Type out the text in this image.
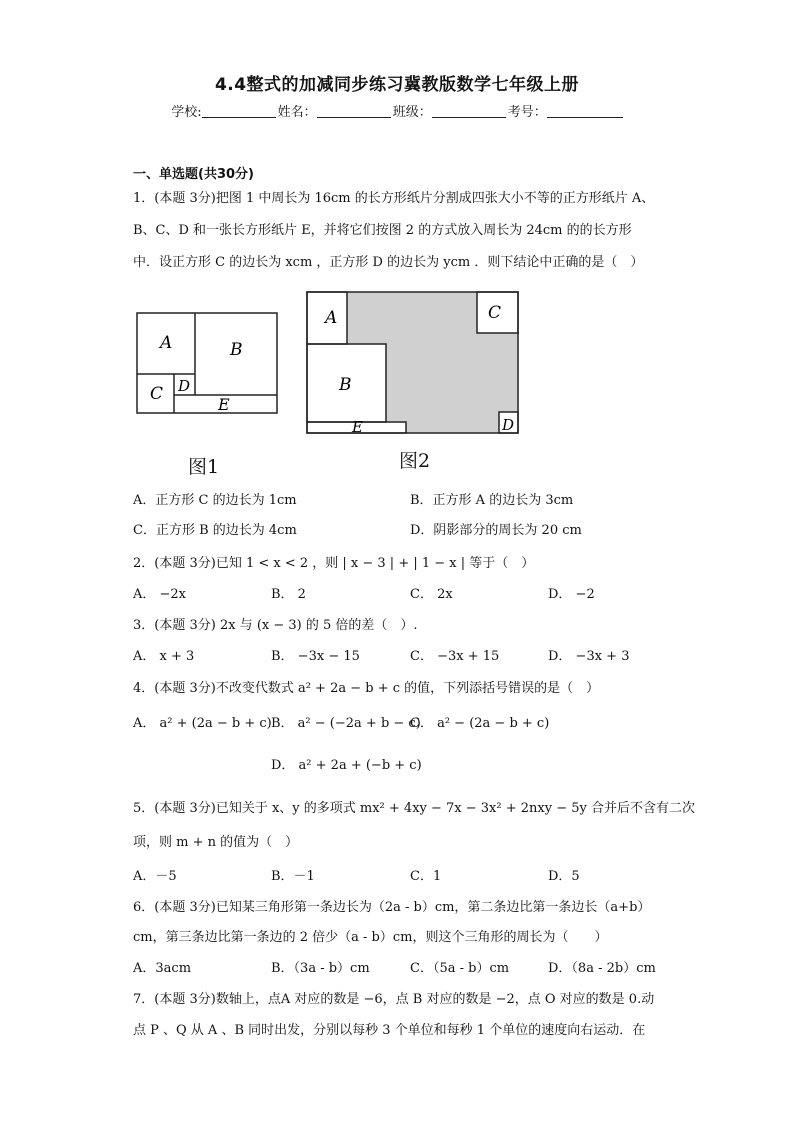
4.4整式的加减同步练习冀教版数学七年级上册
学校:	姓名：	班级：	考号：
一、单选题(共30分)
1．(本题 3分)把图 1 中周长为 16cm 的长方形纸片分割成四张大小不等的正方形纸片 A、
B、C、D 和一张长方形纸片 E，并将它们按图 2 的方式放入周长为 24cm 的的长方形
中．设正方形 C 的边长为 xcm ，正方形 D 的边长为 ycm ．则下结论中正确的是（　）
A	B
C D
E
图1
A
B
C
D
E
图2
A．正方形 C 的边长为 1cm	B．正方形 A 的边长为 3cm
C．正方形 B 的边长为 4cm	D．阴影部分的周长为 20 cm
2．(本题 3分)已知 1 < x < 2 ，则 | x − 3 | + | 1 − x | 等于（　）
A． −2x	B． 2	C． 2x	D． −2
3．(本题 3分) 2x 与 (x − 3) 的 5 倍的差（　）.
A． x + 3	B． −3x − 15	C． −3x + 15	D． −3x + 3
4．(本题 3分)不改变代数式 a² + 2a − b + c 的值，下列添括号错误的是（　）
A． a² + (2a − b + c) B． a² − (−2a + b − c)
C． a² − (2a − b + c)
D． a² + 2a + (−b + c)
5．(本题 3分)已知关于 x、y 的多项式 mx² + 4xy − 7x − 3x² + 2nxy − 5y 合并后不含有二次
项，则 m + n 的值为（　）
A．－5	B．－1	C．1	D．5
6．(本题 3分)已知某三角形第一条边长为（2a - b）cm，第二条边比第一条边长（a+b）
cm，第三条边比第一条边的 2 倍少（a - b）cm，则这个三角形的周长为（　　）
A．3acm	B．（3a - b）cm	C．（5a - b）cm	D．（8a - 2b）cm
7．(本题 3分)数轴上，点A 对应的数是 −6，点 B 对应的数是 −2，点 O 对应的数是 0.动
点 P 、Q 从 A 、B 同时出发，分别以每秒 3 个单位和每秒 1 个单位的速度向右运动．在
